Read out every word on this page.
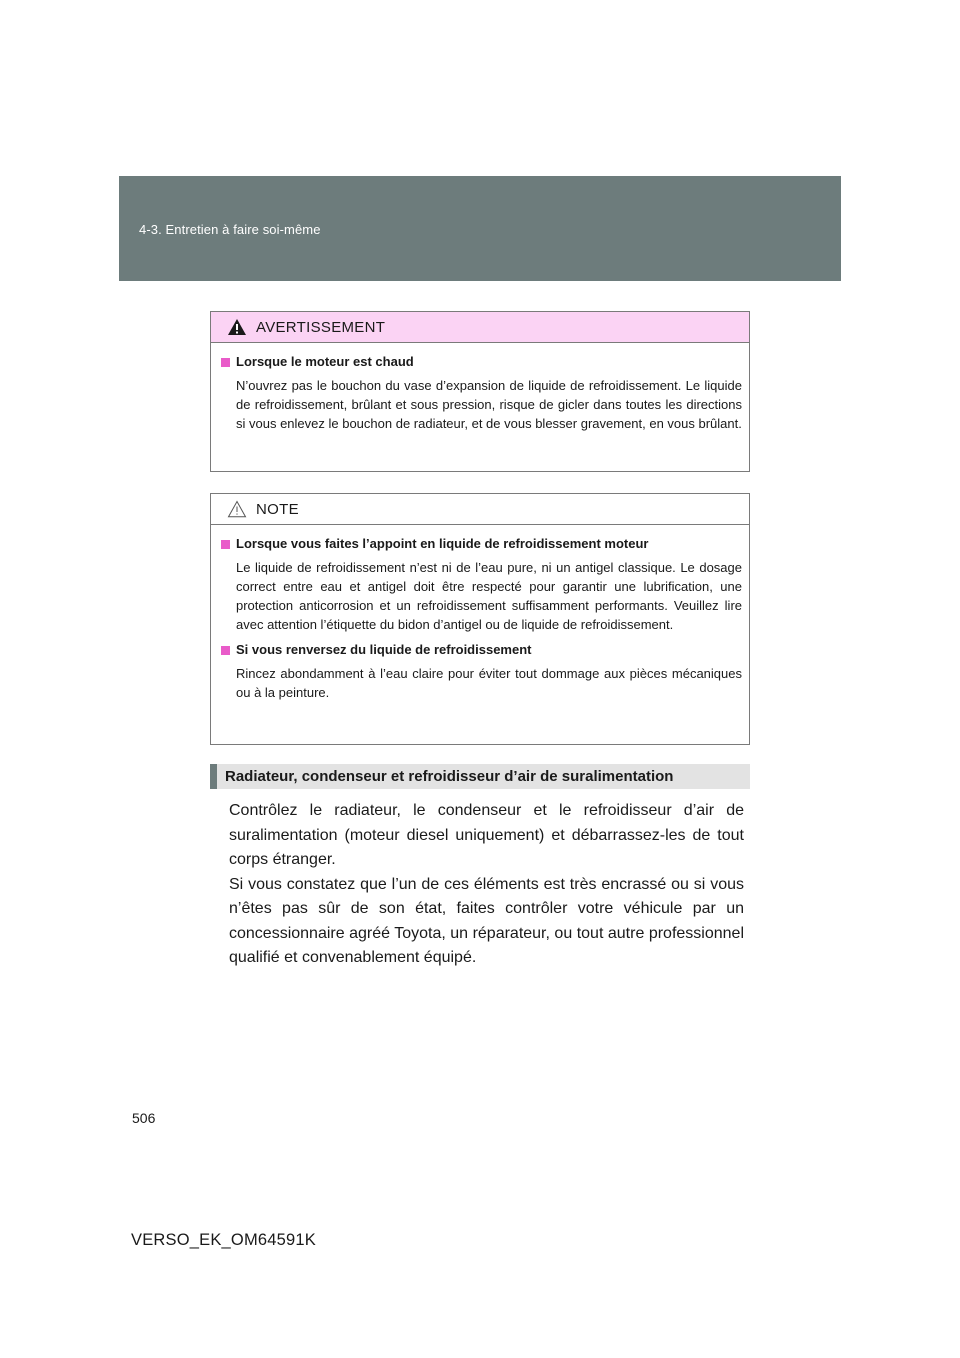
4-3. Entretien à faire soi-même
AVERTISSEMENT
Lorsque le moteur est chaud

N’ouvrez pas le bouchon du vase d’expansion de liquide de refroidissement. Le liquide de refroidissement, brûlant et sous pression, risque de gicler dans toutes les directions si vous enlevez le bouchon de radiateur, et de vous blesser gravement, en vous brûlant.

NOTE
Lorsque vous faites l’appoint en liquide de refroidissement moteur

Le liquide de refroidissement n’est ni de l’eau pure, ni un antigel classique. Le dosage correct entre eau et antigel doit être respecté pour garantir une lubrification, une protection anticorrosion et un refroidissement suffisamment performants. Veuillez lire avec attention l’étiquette du bidon d’antigel ou de liquide de refroidissement.

Si vous renversez du liquide de refroidissement

Rincez abondamment à l’eau claire pour éviter tout dommage aux pièces mécaniques ou à la peinture.

Radiateur, condenseur et refroidisseur d’air de suralimentation

Contrôlez le radiateur, le condenseur et le refroidisseur d’air de suralimentation (moteur diesel uniquement) et débarrassez-les de tout corps étranger.

Si vous constatez que l’un de ces éléments est très encrassé ou si vous n’êtes pas sûr de son état, faites contrôler votre véhicule par un concessionnaire agréé Toyota, un réparateur, ou tout autre professionnel qualifié et convenablement équipé.

506
VERSO_EK_OM64591K
